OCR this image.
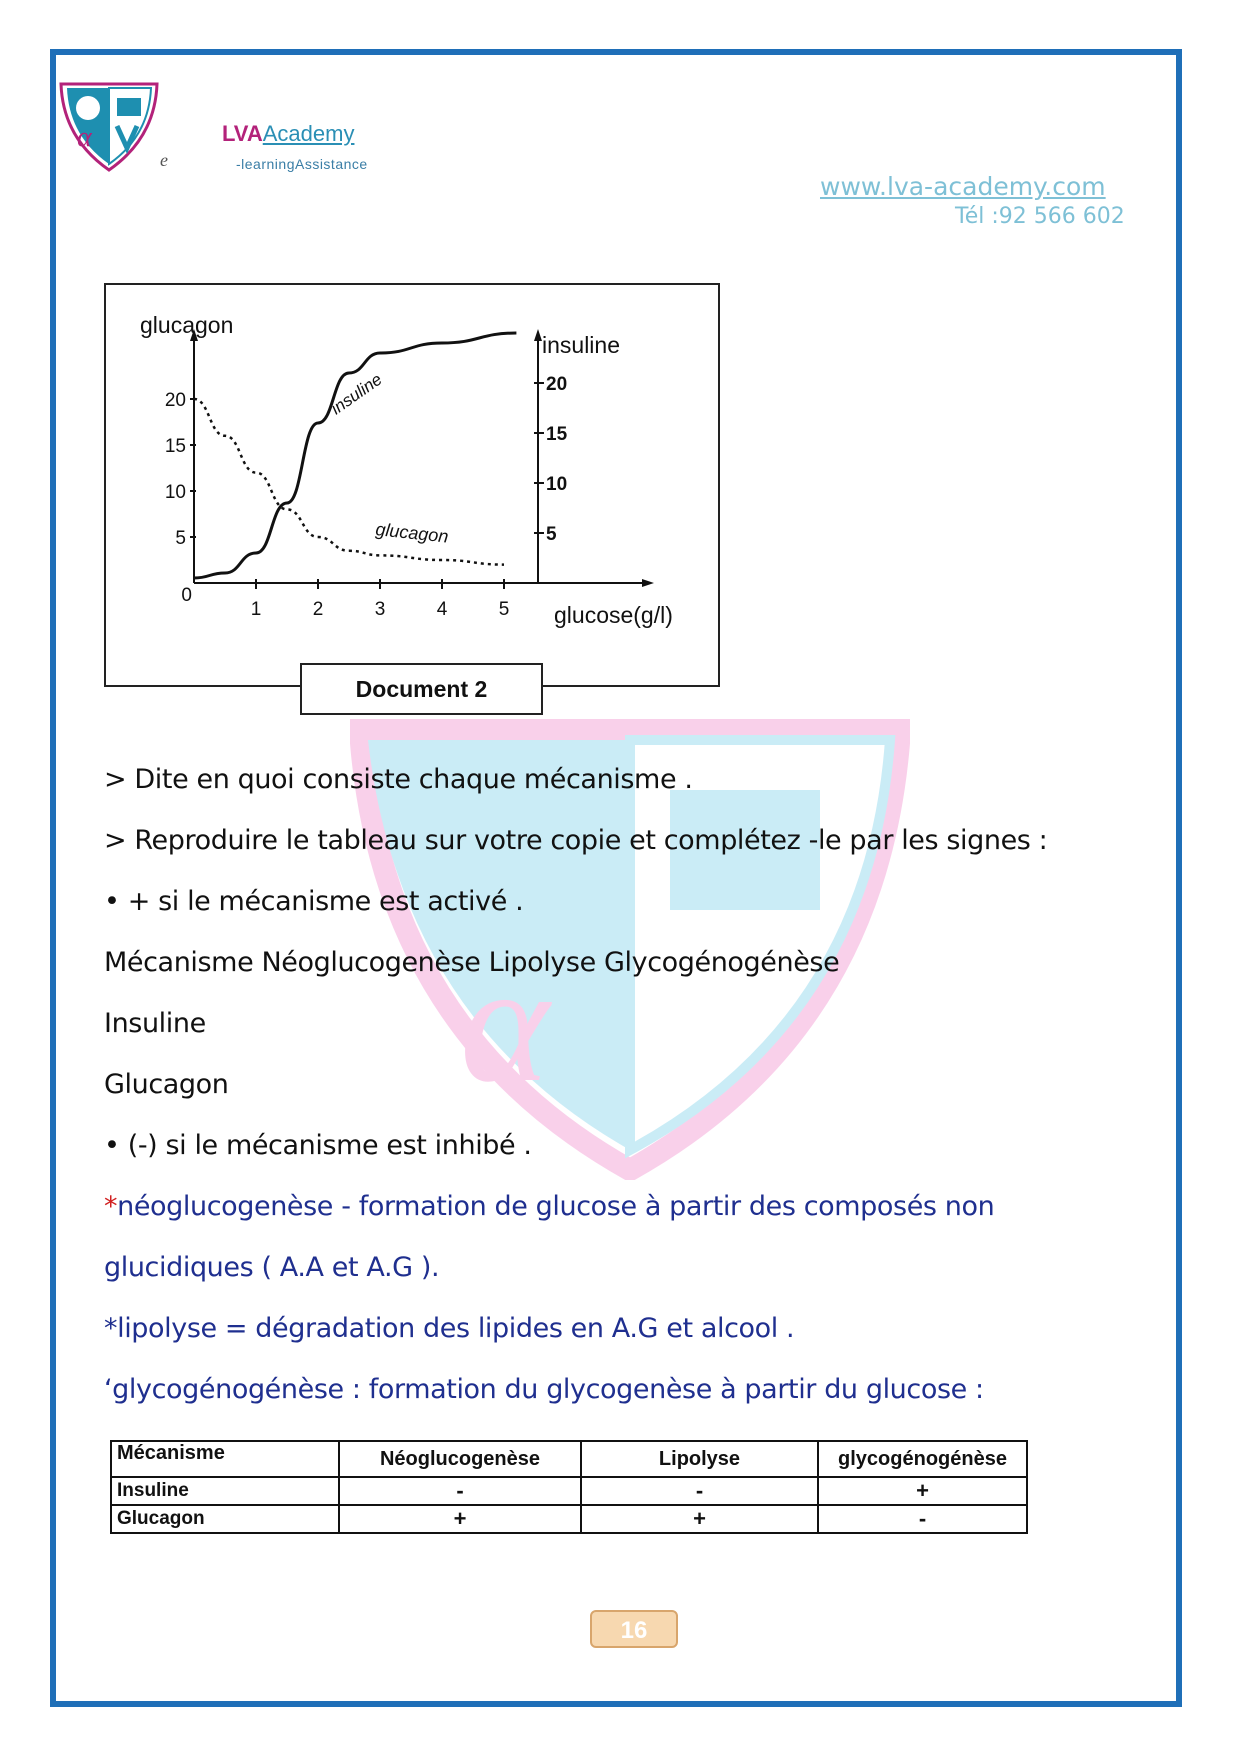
α
e
LVAAcademy
-learningAssistance
www.lva-academy.com
Tél :92 566 602
α
20
15
10
5
0
20
15
10
5
1	2	3	4	5
glucagon
insuline
glucose(g/l)
insuline
glucagon
Document 2
> Dite en quoi consiste chaque mécanisme .
> Reproduire le tableau sur votre copie et complétez -le par les signes :
• + si le mécanisme est activé .
Mécanisme Néoglucogenèse Lipolyse Glycogénogénèse
Insuline
Glucagon
• (-) si le mécanisme est inhibé .
*néoglucogenèse - formation de glucose à partir des composés non
glucidiques ( A.A et A.G ).
*lipolyse = dégradation des lipides en A.G et alcool .
‘glycogénogénèse : formation du glycogenèse à partir du glucose :
Mécanisme	Néoglucogenèse	Lipolyse	glycogénogénèse
Insuline	-	-	+
Glucagon	+	+	-
16
